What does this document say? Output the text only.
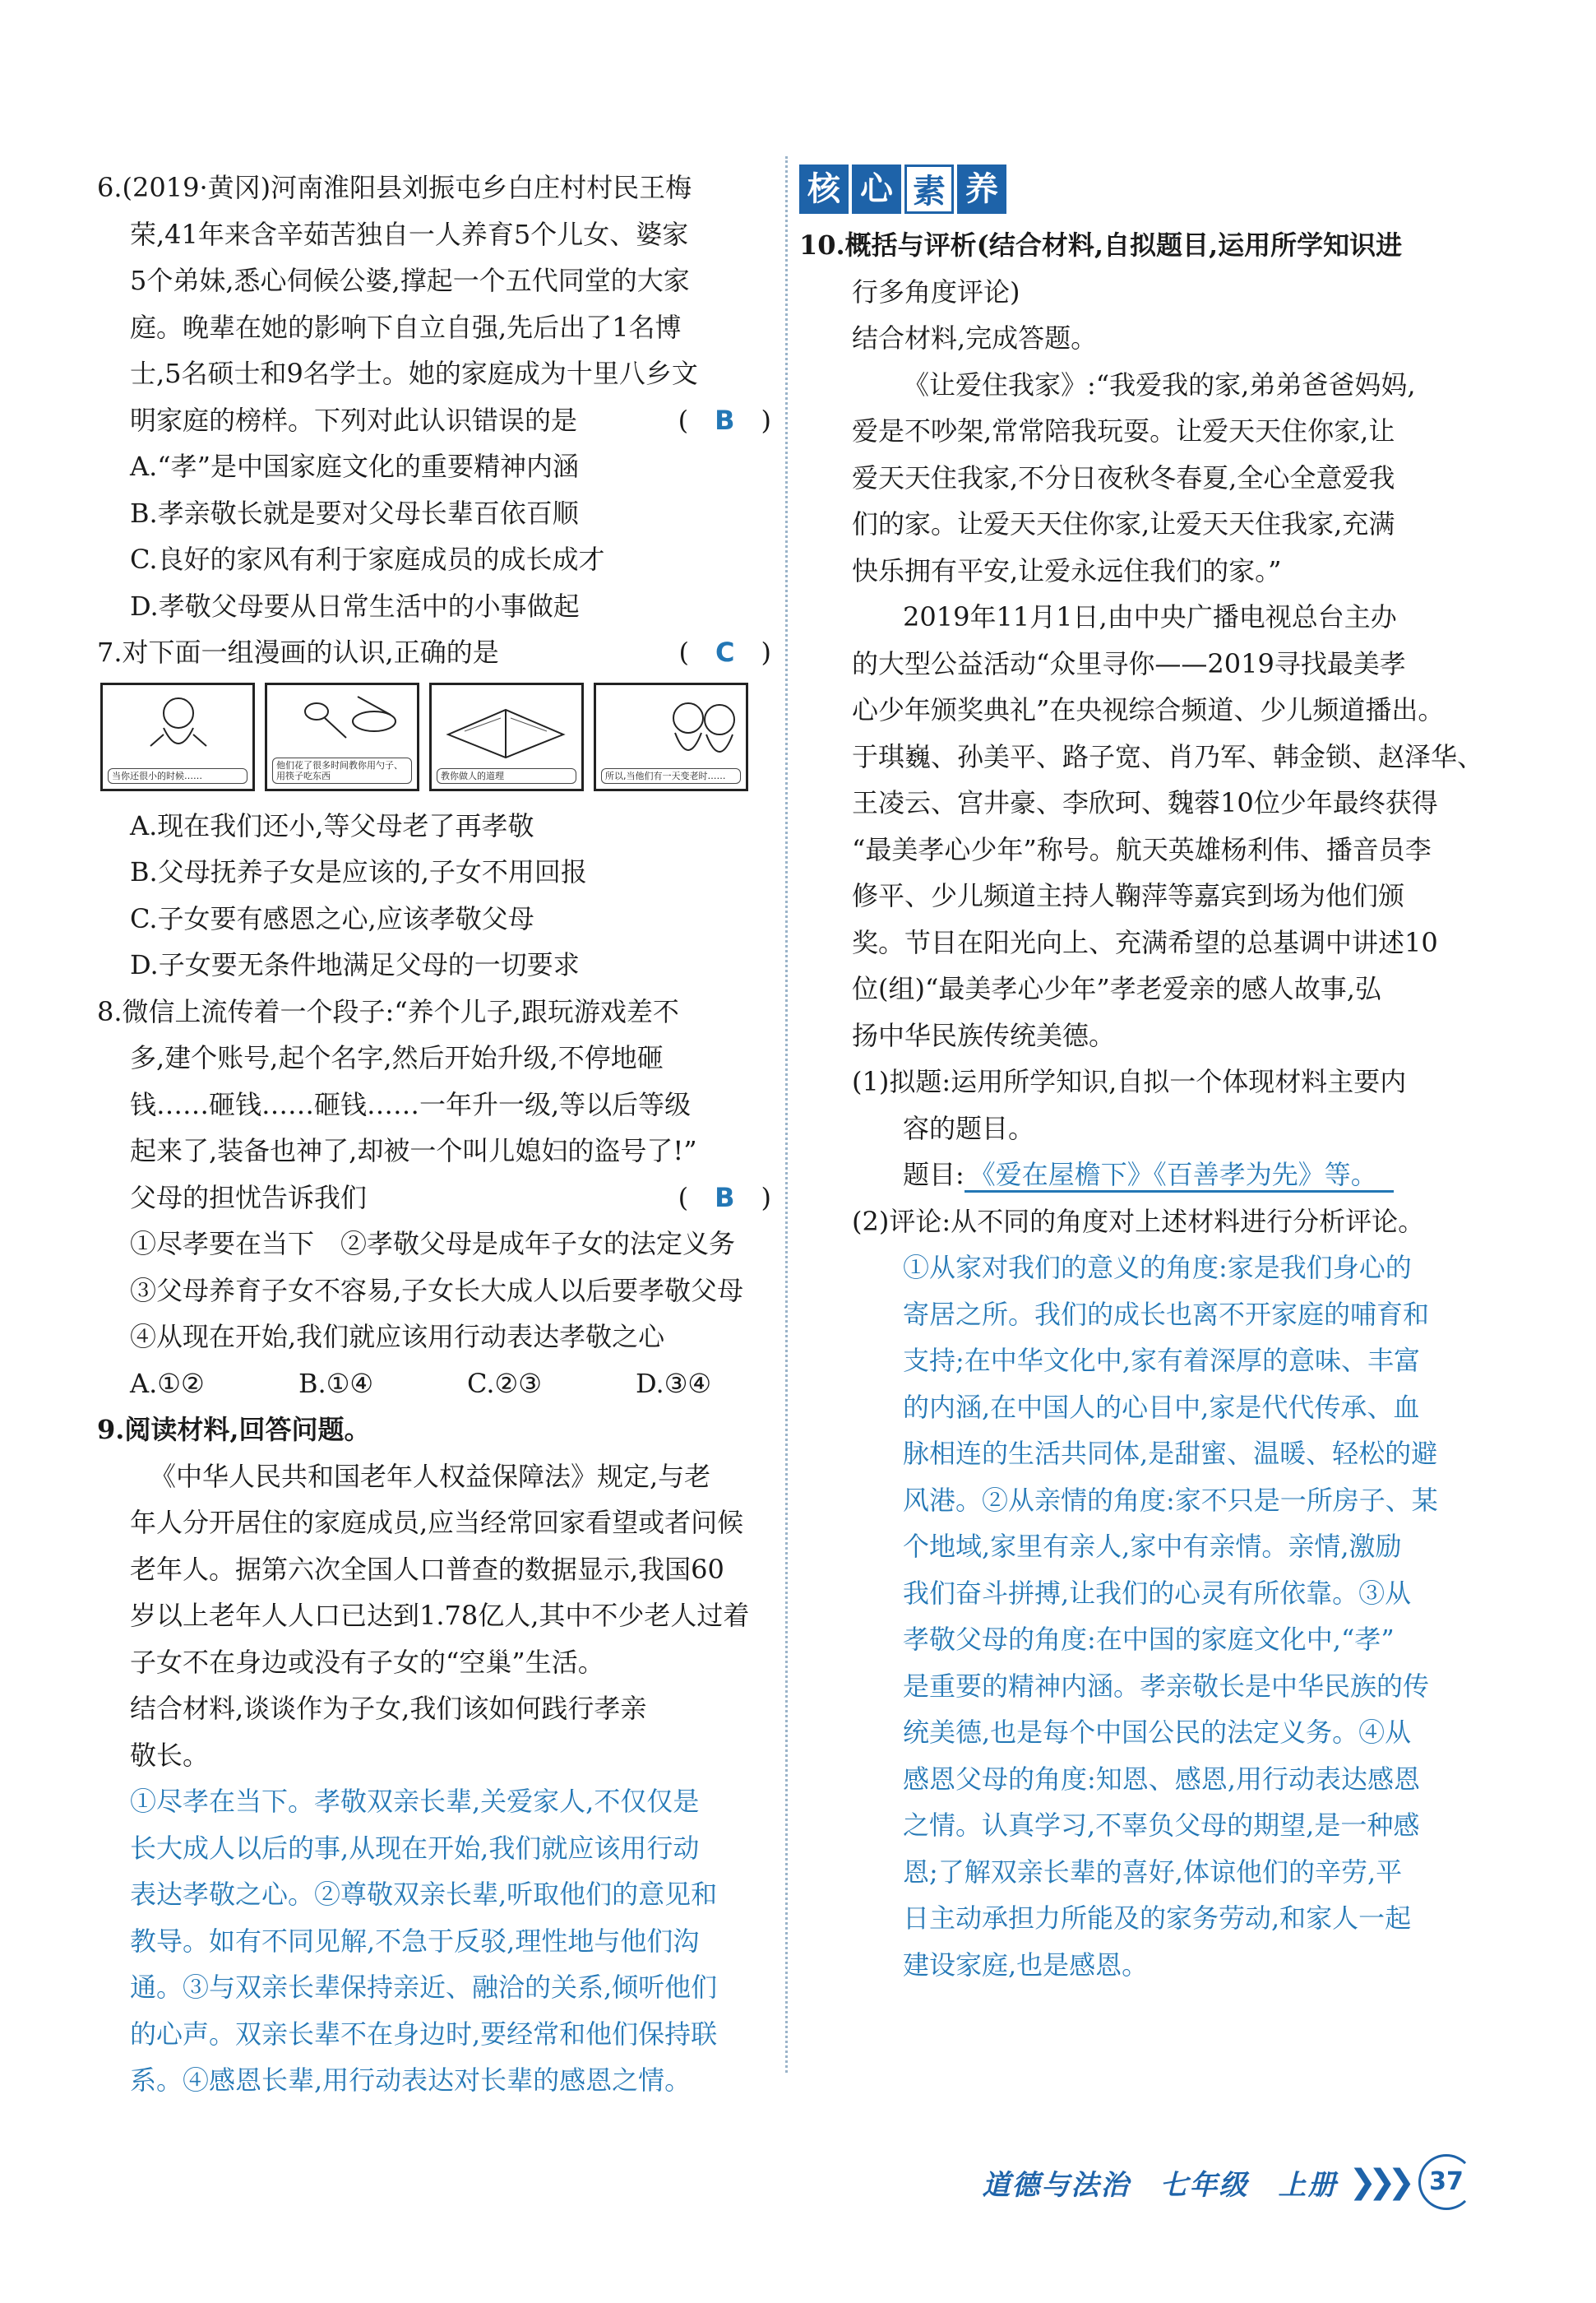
6.(2019·黄冈)河南淮阳县刘振屯乡白庄村村民王梅
荣,41年来含辛茹苦独自一人养育5个儿女、婆家
5个弟妹,悉心伺候公婆,撑起一个五代同堂的大家
庭。晚辈在她的影响下自立自强,先后出了1名博
士,5名硕士和9名学士。她的家庭成为十里八乡文
明家庭的榜样。下列对此认识错误的是	(　B　)
A.“孝”是中国家庭文化的重要精神内涵
B.孝亲敬长就是要对父母长辈百依百顺
C.良好的家风有利于家庭成员的成长成才
D.孝敬父母要从日常生活中的小事做起
7.对下面一组漫画的认识,正确的是	(　C　)
当你还很小的时候……
他们花了很多时间教你用勺子、用筷子吃东西	教你做人的道理	所以,当他们有一天变老时……
A.现在我们还小,等父母老了再孝敬
B.父母抚养子女是应该的,子女不用回报
C.子女要有感恩之心,应该孝敬父母
D.子女要无条件地满足父母的一切要求
8.微信上流传着一个段子:“养个儿子,跟玩游戏差不
多,建个账号,起个名字,然后开始升级,不停地砸
钱……砸钱……砸钱……一年升一级,等以后等级
起来了,装备也神了,却被一个叫儿媳妇的盗号了!”
父母的担忧告诉我们	(　B　)
①尽孝要在当下　②孝敬父母是成年子女的法定义务
③父母养育子女不容易,子女长大成人以后要孝敬父母
④从现在开始,我们就应该用行动表达孝敬之心
A.①②	B.①④	C.②③	D.③④
9.阅读材料,回答问题。
《中华人民共和国老年人权益保障法》规定,与老
年人分开居住的家庭成员,应当经常回家看望或者问候
老年人。据第六次全国人口普查的数据显示,我国60
岁以上老年人人口已达到1.78亿人,其中不少老人过着
子女不在身边或没有子女的“空巢”生活。
结合材料,谈谈作为子女,我们该如何践行孝亲
敬长。
①尽孝在当下。孝敬双亲长辈,关爱家人,不仅仅是
长大成人以后的事,从现在开始,我们就应该用行动
表达孝敬之心。②尊敬双亲长辈,听取他们的意见和
教导。如有不同见解,不急于反驳,理性地与他们沟
通。③与双亲长辈保持亲近、融洽的关系,倾听他们
的心声。双亲长辈不在身边时,要经常和他们保持联
系。④感恩长辈,用行动表达对长辈的感恩之情。
核 心 素 养
10.概括与评析(结合材料,自拟题目,运用所学知识进
行多角度评论)
结合材料,完成答题。
《让爱住我家》:“我爱我的家,弟弟爸爸妈妈,
爱是不吵架,常常陪我玩耍。让爱天天住你家,让
爱天天住我家,不分日夜秋冬春夏,全心全意爱我
们的家。让爱天天住你家,让爱天天住我家,充满
快乐拥有平安,让爱永远住我们的家。”
2019年11月1日,由中央广播电视总台主办
的大型公益活动“众里寻你——2019寻找最美孝
心少年颁奖典礼”在央视综合频道、少儿频道播出。
于琪巍、孙美平、路子宽、肖乃军、韩金锁、赵泽华、
王凌云、宫井豪、李欣珂、魏蓉10位少年最终获得
“最美孝心少年”称号。航天英雄杨利伟、播音员李
修平、少儿频道主持人鞠萍等嘉宾到场为他们颁
奖。节目在阳光向上、充满希望的总基调中讲述10
位(组)“最美孝心少年”孝老爱亲的感人故事,弘
扬中华民族传统美德。
(1)拟题:运用所学知识,自拟一个体现材料主要内
容的题目。
题目: 《爱在屋檐下》《百善孝为先》等。
(2)评论:从不同的角度对上述材料进行分析评论。
①从家对我们的意义的角度:家是我们身心的
寄居之所。我们的成长也离不开家庭的哺育和
支持;在中华文化中,家有着深厚的意味、丰富
的内涵,在中国人的心目中,家是代代传承、血
脉相连的生活共同体,是甜蜜、温暖、轻松的避
风港。②从亲情的角度:家不只是一所房子、某
个地域,家里有亲人,家中有亲情。亲情,激励
我们奋斗拼搏,让我们的心灵有所依靠。③从
孝敬父母的角度:在中国的家庭文化中,“孝”
是重要的精神内涵。孝亲敬长是中华民族的传
统美德,也是每个中国公民的法定义务。④从
感恩父母的角度:知恩、感恩,用行动表达感恩
之情。认真学习,不辜负父母的期望,是一种感
恩;了解双亲长辈的喜好,体谅他们的辛劳,平
日主动承担力所能及的家务劳动,和家人一起
建设家庭,也是感恩。
道德与法治　七年级　上册 ❯❯❯ 37
